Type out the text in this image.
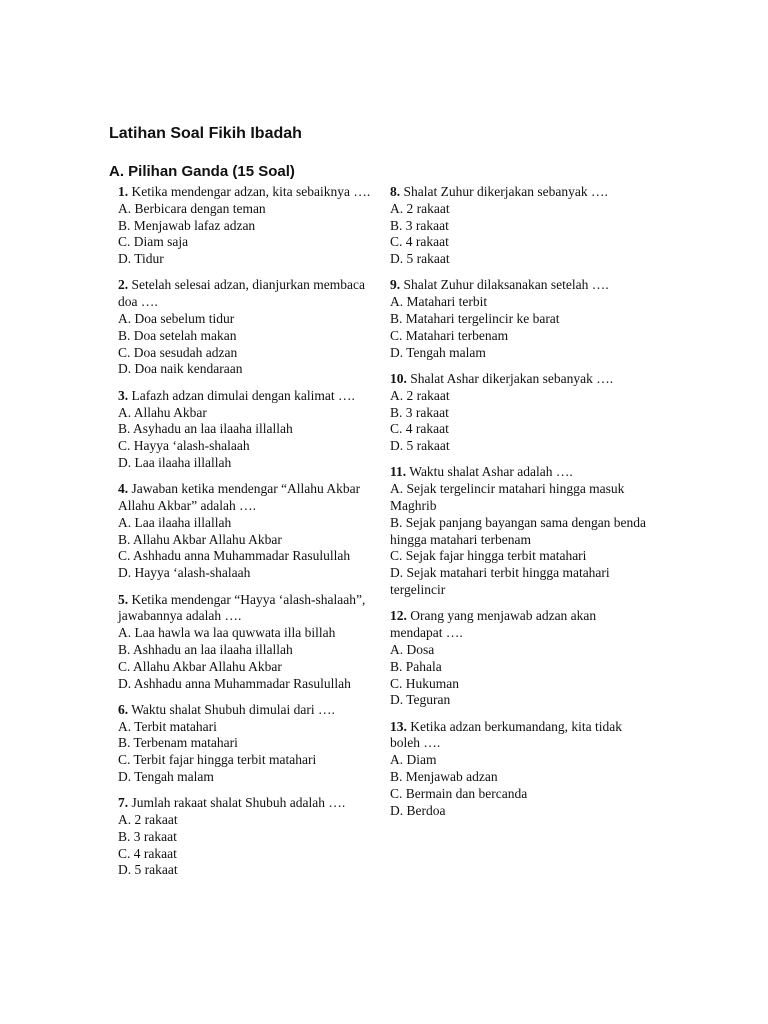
Latihan Soal Fikih Ibadah
A. Pilihan Ganda (15 Soal)
1. Ketika mendengar adzan, kita sebaiknya ….
A. Berbicara dengan teman
B. Menjawab lafaz adzan
C. Diam saja
D. Tidur
2. Setelah selesai adzan, dianjurkan membaca doa ….
A. Doa sebelum tidur
B. Doa setelah makan
C. Doa sesudah adzan
D. Doa naik kendaraan
3. Lafazh adzan dimulai dengan kalimat ….
A. Allahu Akbar
B. Asyhadu an laa ilaaha illallah
C. Hayya ‘alash-shalaah
D. Laa ilaaha illallah
4. Jawaban ketika mendengar “Allahu Akbar Allahu Akbar” adalah ….
A. Laa ilaaha illallah
B. Allahu Akbar Allahu Akbar
C. Ashhadu anna Muhammadar Rasulullah
D. Hayya ‘alash-shalaah
5. Ketika mendengar “Hayya ‘alash-shalaah”, jawabannya adalah ….
A. Laa hawla wa laa quwwata illa billah
B. Ashhadu an laa ilaaha illallah
C. Allahu Akbar Allahu Akbar
D. Ashhadu anna Muhammadar Rasulullah
6. Waktu shalat Shubuh dimulai dari ….
A. Terbit matahari
B. Terbenam matahari
C. Terbit fajar hingga terbit matahari
D. Tengah malam
7. Jumlah rakaat shalat Shubuh adalah ….
A. 2 rakaat
B. 3 rakaat
C. 4 rakaat
D. 5 rakaat
8. Shalat Zuhur dikerjakan sebanyak ….
A. 2 rakaat
B. 3 rakaat
C. 4 rakaat
D. 5 rakaat
9. Shalat Zuhur dilaksanakan setelah ….
A. Matahari terbit
B. Matahari tergelincir ke barat
C. Matahari terbenam
D. Tengah malam
10. Shalat Ashar dikerjakan sebanyak ….
A. 2 rakaat
B. 3 rakaat
C. 4 rakaat
D. 5 rakaat
11. Waktu shalat Ashar adalah ….
A. Sejak tergelincir matahari hingga masuk Maghrib
B. Sejak panjang bayangan sama dengan benda hingga matahari terbenam
C. Sejak fajar hingga terbit matahari
D. Sejak matahari terbit hingga matahari tergelincir
12. Orang yang menjawab adzan akan mendapat ….
A. Dosa
B. Pahala
C. Hukuman
D. Teguran
13. Ketika adzan berkumandang, kita tidak boleh ….
A. Diam
B. Menjawab adzan
C. Bermain dan bercanda
D. Berdoa
